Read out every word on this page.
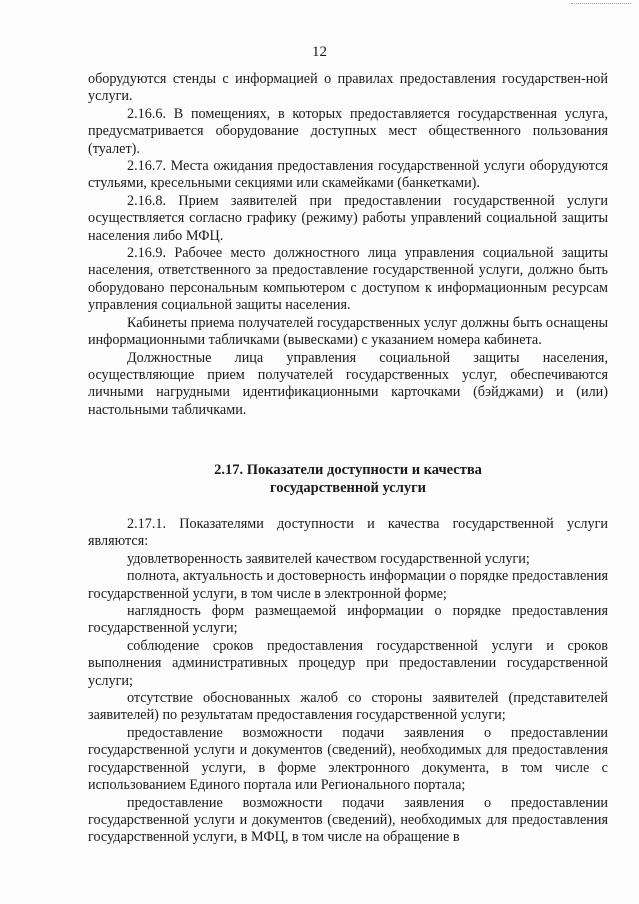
12

оборудуются стенды с информацией о правилах предоставления государствен-ной услуги.

2.16.6. В помещениях, в которых предоставляется государственная услуга, предусматривается оборудование доступных мест общественного пользования (туалет).

2.16.7. Места ожидания предоставления государственной услуги оборудуются стульями, кресельными секциями или скамейками (банкетками).

2.16.8. Прием заявителей при предоставлении государственной услуги осуществляется согласно графику (режиму) работы управлений социальной защиты населения либо МФЦ.

2.16.9. Рабочее место должностного лица управления социальной защиты населения, ответственного за предоставление государственной услуги, должно быть оборудовано персональным компьютером с доступом к информационным ресурсам управления социальной защиты населения.

Кабинеты приема получателей государственных услуг должны быть оснащены информационными табличками (вывесками) с указанием номера кабинета.

Должностные лица управления социальной защиты населения, осуществляющие прием получателей государственных услуг, обеспечиваются личными нагрудными идентификационными карточками (бэйджами) и (или) настольными табличками.

2.17. Показатели доступности и качества
государственной услуги

2.17.1. Показателями доступности и качества государственной услуги являются:

удовлетворенность заявителей качеством государственной услуги;

полнота, актуальность и достоверность информации о порядке предоставления государственной услуги, в том числе в электронной форме;

наглядность форм размещаемой информации о порядке предоставления государственной услуги;

соблюдение сроков предоставления государственной услуги и сроков выполнения административных процедур при предоставлении государственной услуги;

отсутствие обоснованных жалоб со стороны заявителей (представителей заявителей) по результатам предоставления государственной услуги;

предоставление возможности подачи заявления о предоставлении государственной услуги и документов (сведений), необходимых для предоставления государственной услуги, в форме электронного документа, в том числе с использованием Единого портала или Регионального портала;

предоставление возможности подачи заявления о предоставлении государственной услуги и документов (сведений), необходимых для предоставления государственной услуги, в МФЦ, в том числе на обращение в
